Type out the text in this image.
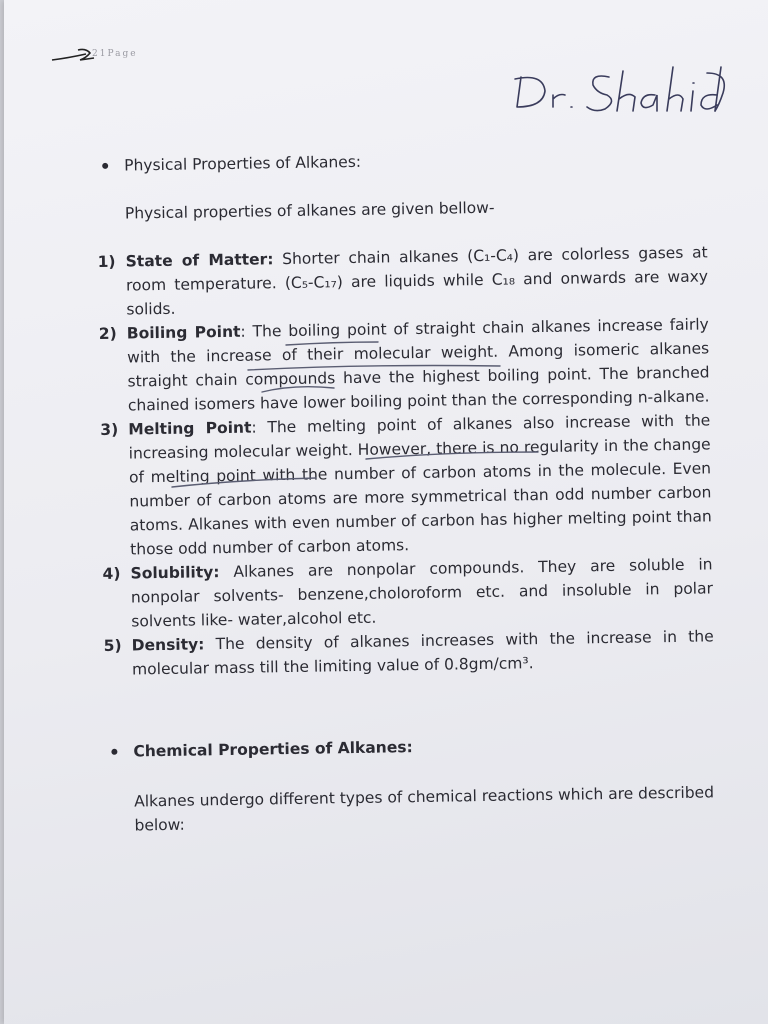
21Page
Physical Properties of Alkanes:

Physical properties of alkanes are given bellow-

1) State of Matter: Shorter chain alkanes (C₁-C₄) are colorless gases at room temperature. (C₅-C₁₇) are liquids while C₁₈ and onwards are waxy solids.
2) Boiling Point: The boiling point of straight chain alkanes increase fairly with the increase of their molecular weight. Among isomeric alkanes straight chain compounds have the highest boiling point. The branched chained isomers have lower boiling point than the corresponding n-alkane.
3) Melting Point: The melting point of alkanes also increase with the increasing molecular weight. However, there is no regularity in the change of melting point with the number of carbon atoms in the molecule. Even number of carbon atoms are more symmetrical than odd number carbon atoms. Alkanes with even number of carbon has higher melting point than those odd number of carbon atoms.
4) Solubility: Alkanes are nonpolar compounds. They are soluble in nonpolar solvents- benzene,choloroform etc. and insoluble in polar solvents like- water,alcohol etc.
5) Density: The density of alkanes increases with the increase in the molecular mass till the limiting value of 0.8gm/cm³.
Chemical Properties of Alkanes:

Alkanes undergo different types of chemical reactions which are described below:
